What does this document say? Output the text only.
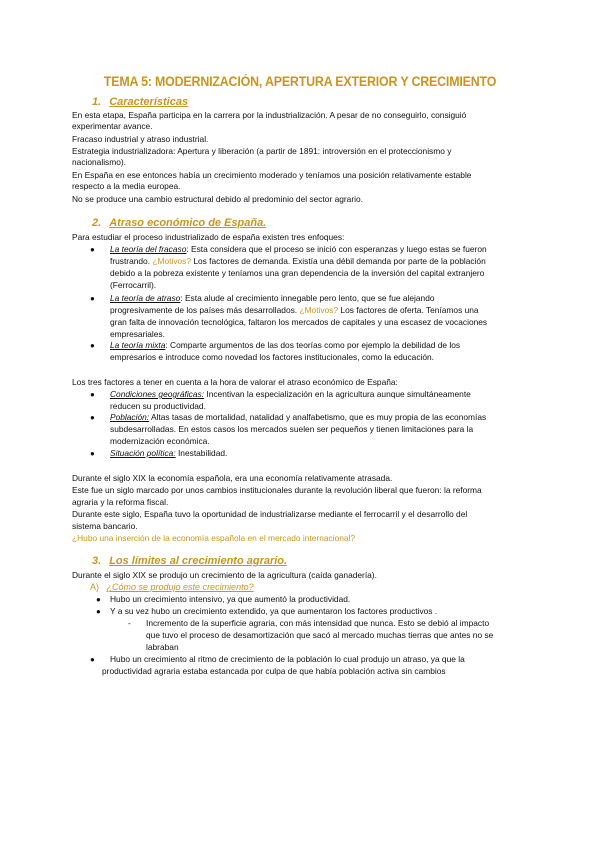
TEMA 5: MODERNIZACIÓN, APERTURA EXTERIOR Y CRECIMIENTO
1. Características
En esta etapa, España participa en la carrera por la industrialización. A pesar de no conseguirlo, consiguió
experimentar avance.
Fracaso industrial y atraso industrial.
Estrategia industrializadora: Apertura y liberación (a partir de 1891: introversión en el proteccionismo y
nacionalismo).
En España en ese entonces había un crecimiento moderado y teníamos una posición relativamente estable
respecto a la media europea.
No se produce una cambio estructural debido al predominio del sector agrario.
2. Atraso económico de España.
Para estudiar el proceso industrializado de españa existen tres enfoques:
● La teoría del fracaso: Esta considera que el proceso se inició con esperanzas y luego estas se fueron
frustrando. ¿Motivos? Los factores de demanda. Existía una débil demanda por parte de la población
debido a la pobreza existente y teníamos una gran dependencia de la inversión del capital extranjero
(Ferrocarril).
● La teoría de atraso: Esta alude al crecimiento innegable pero lento, que se fue alejando
progresivamente de los países más desarrollados. ¿Motivos? Los factores de oferta. Teníamos una
gran falta de innovación tecnológica, faltaron los mercados de capitales y una escasez de vocaciones
empresariales.
● La teoría mixta: Comparte argumentos de las dos teorías como por ejemplo la debilidad de los
empresarios e introduce como novedad los factores institucionales, como la educación.
Los tres factores a tener en cuenta a la hora de valorar el atraso económico de España:
● Condiciones geográficas: Incentivan la especialización en la agricultura aunque simultáneamente
reducen su productividad.
● Población: Altas tasas de mortalidad, natalidad y analfabetismo, que es muy propia de las economías
subdesarrolladas. En estos casos los mercados suelen ser pequeños y tienen limitaciones para la
modernización económica.
● Situación política: Inestabilidad.
Durante el siglo XIX la economía española, era una economía relativamente atrasada.
Este fue un siglo marcado por unos cambios institucionales durante la revolución liberal que fueron: la reforma
agraria y la reforma fiscal.
Durante este siglo, España tuvo la oportunidad de industrializarse mediante el ferrocarril y el desarrollo del
sistema bancario.
¿Hubo una inserción de la economía española en el mercado internacional?
3. Los límites al crecimiento agrario.
Durante el siglo XIX se produjo un crecimiento de la agricultura (caída ganadería).
A) ¿Cómo se produjo este crecimiento?
● Hubo un crecimiento intensivo, ya que aumentó la productividad.
● Y a su vez hubo un crecimiento extendido, ya que aumentaron los factores productivos .
- Incremento de la superficie agraria, con más intensidad que nunca. Esto se debió al impacto
que tuvo el proceso de desamortización que sacó al mercado muchas tierras que antes no se
labraban
● Hubo un crecimiento al ritmo de crecimiento de la población lo cual produjo un atraso, ya que la
productividad agraria estaba estancada por culpa de que había población activa sin cambios
